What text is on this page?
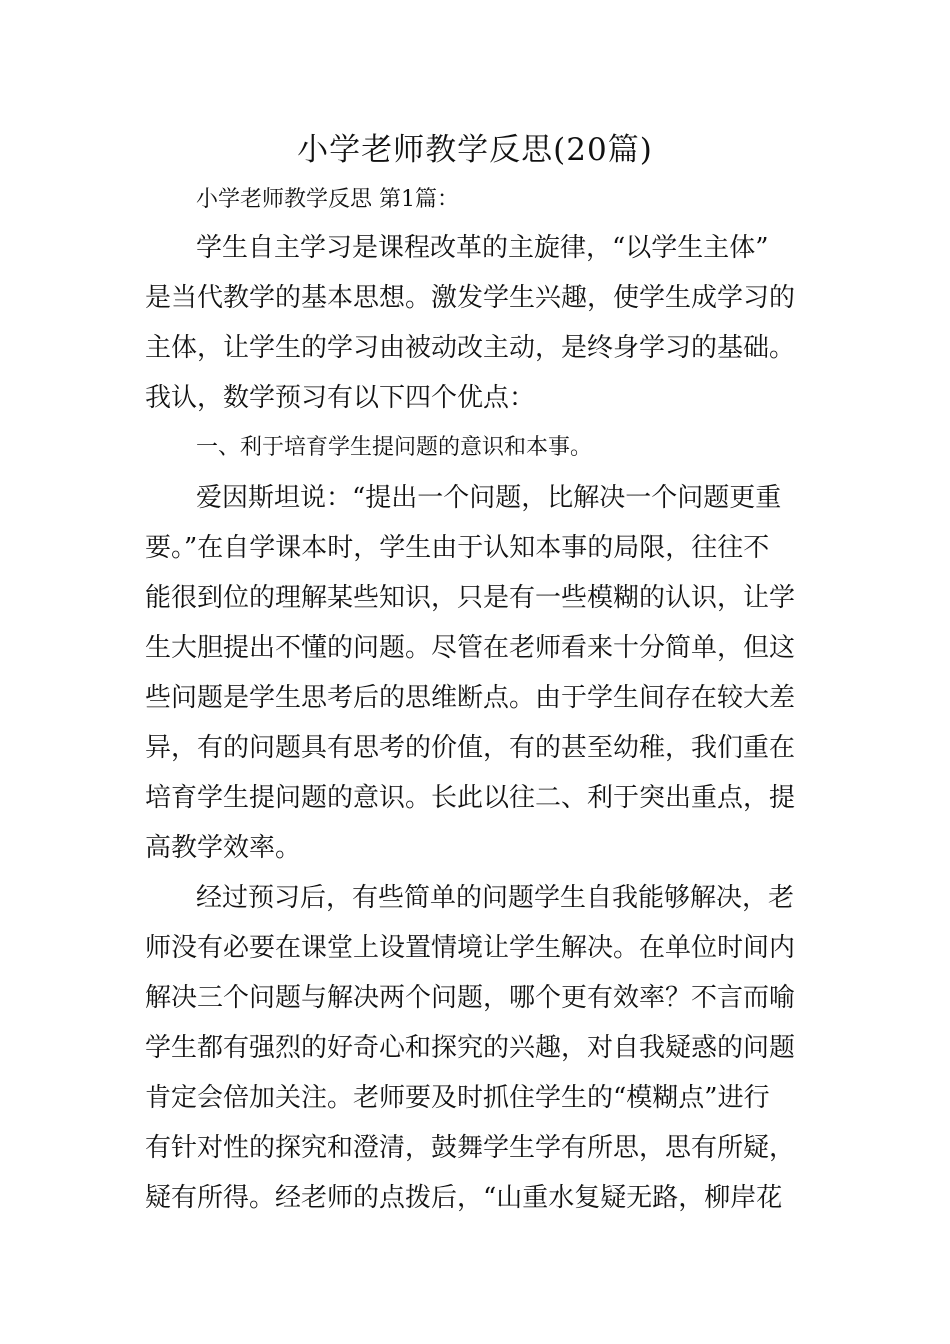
小学老师教学反思(20篇)
小学老师教学反思 第1篇：
学生自主学习是课程改革的主旋律，“以学生主体”
是当代教学的基本思想。激发学生兴趣，使学生成学习的
主体，让学生的学习由被动改主动，是终身学习的基础。
我认，数学预习有以下四个优点：
一、利于培育学生提问题的意识和本事。
爱因斯坦说：“提出一个问题，比解决一个问题更重
要。”在自学课本时，学生由于认知本事的局限，往往不
能很到位的理解某些知识，只是有一些模糊的认识，让学
生大胆提出不懂的问题。尽管在老师看来十分简单，但这
些问题是学生思考后的思维断点。由于学生间存在较大差
异，有的问题具有思考的价值，有的甚至幼稚，我们重在
培育学生提问题的意识。长此以往二、利于突出重点，提
高教学效率。
经过预习后，有些简单的问题学生自我能够解决，老
师没有必要在课堂上设置情境让学生解决。在单位时间内
解决三个问题与解决两个问题，哪个更有效率？不言而喻
学生都有强烈的好奇心和探究的兴趣，对自我疑惑的问题
肯定会倍加关注。老师要及时抓住学生的“模糊点”进行
有针对性的探究和澄清，鼓舞学生学有所思，思有所疑，
疑有所得。经老师的点拨后，“山重水复疑无路，柳岸花
